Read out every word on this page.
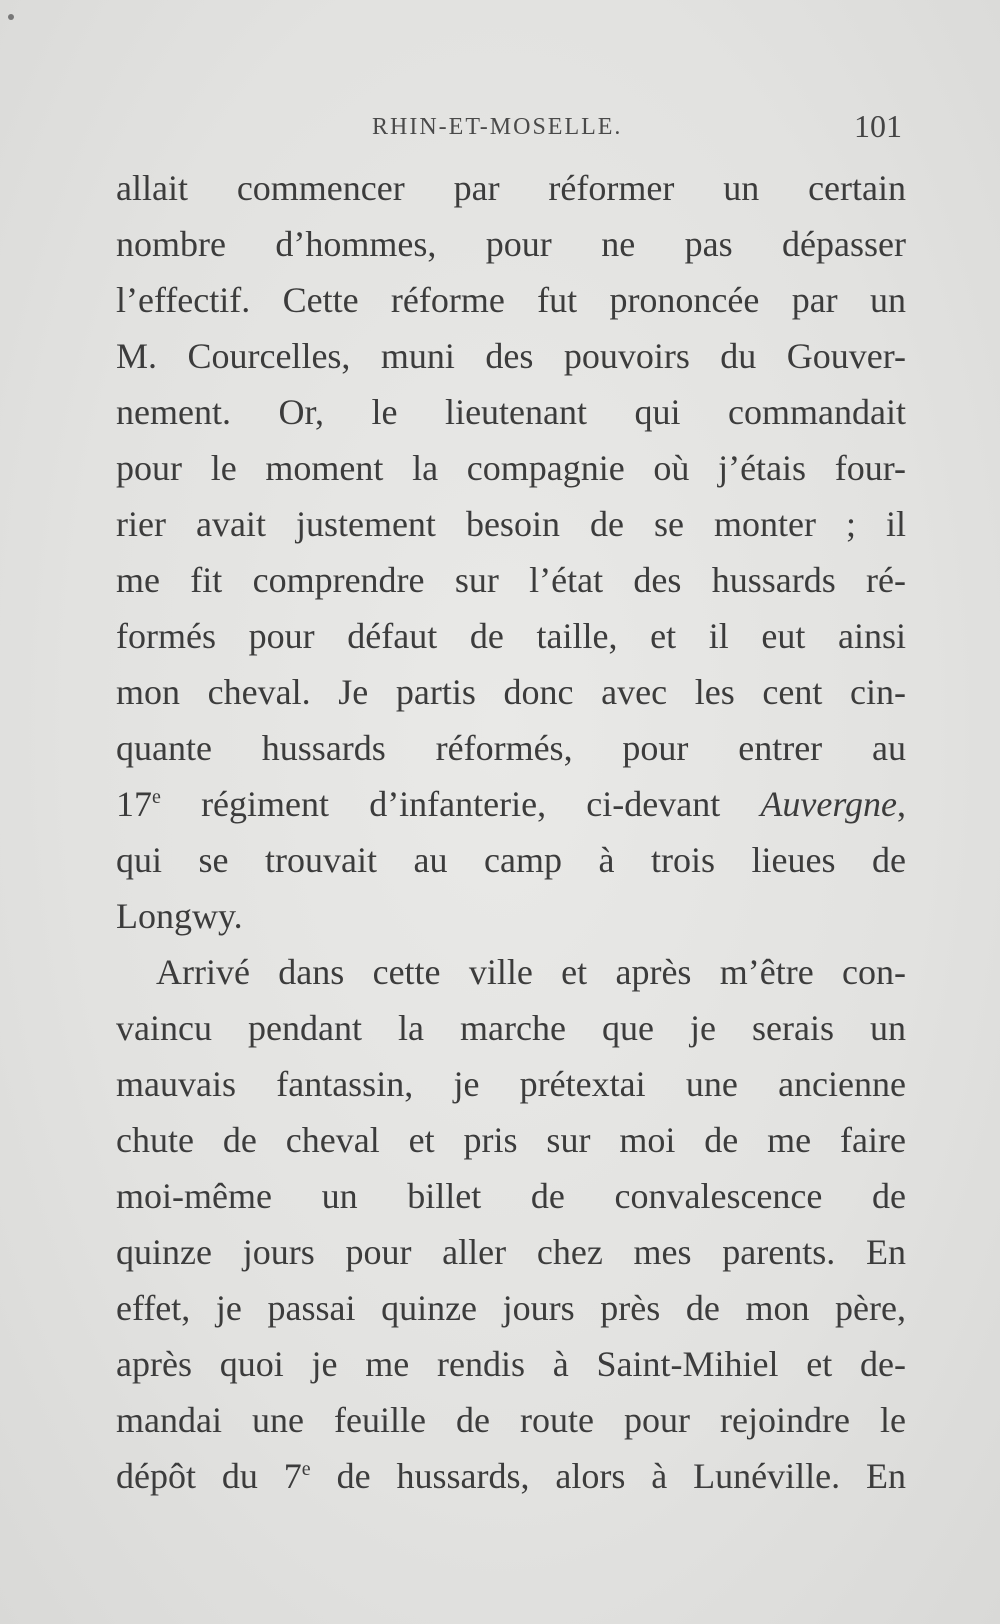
RHIN-ET-MOSELLE.	101
allait commencer par réformer un certain
nombre d’hommes, pour ne pas dépasser
l’effectif. Cette réforme fut prononcée par un
M. Courcelles, muni des pouvoirs du Gouver-
nement. Or, le lieutenant qui commandait
pour le moment la compagnie où j’étais four-
rier avait justement besoin de se monter ; il
me fit comprendre sur l’état des hussards ré-
formés pour défaut de taille, et il eut ainsi
mon cheval. Je partis donc avec les cent cin-
quante hussards réformés, pour entrer au
17e régiment d’infanterie, ci-devant Auvergne,
qui se trouvait au camp à trois lieues de
Longwy.
Arrivé dans cette ville et après m’être con-
vaincu pendant la marche que je serais un
mauvais fantassin, je prétextai une ancienne
chute de cheval et pris sur moi de me faire
moi-même un billet de convalescence de
quinze jours pour aller chez mes parents. En
effet, je passai quinze jours près de mon père,
après quoi je me rendis à Saint-Mihiel et de-
mandai une feuille de route pour rejoindre le
dépôt du 7e de hussards, alors à Lunéville. En
